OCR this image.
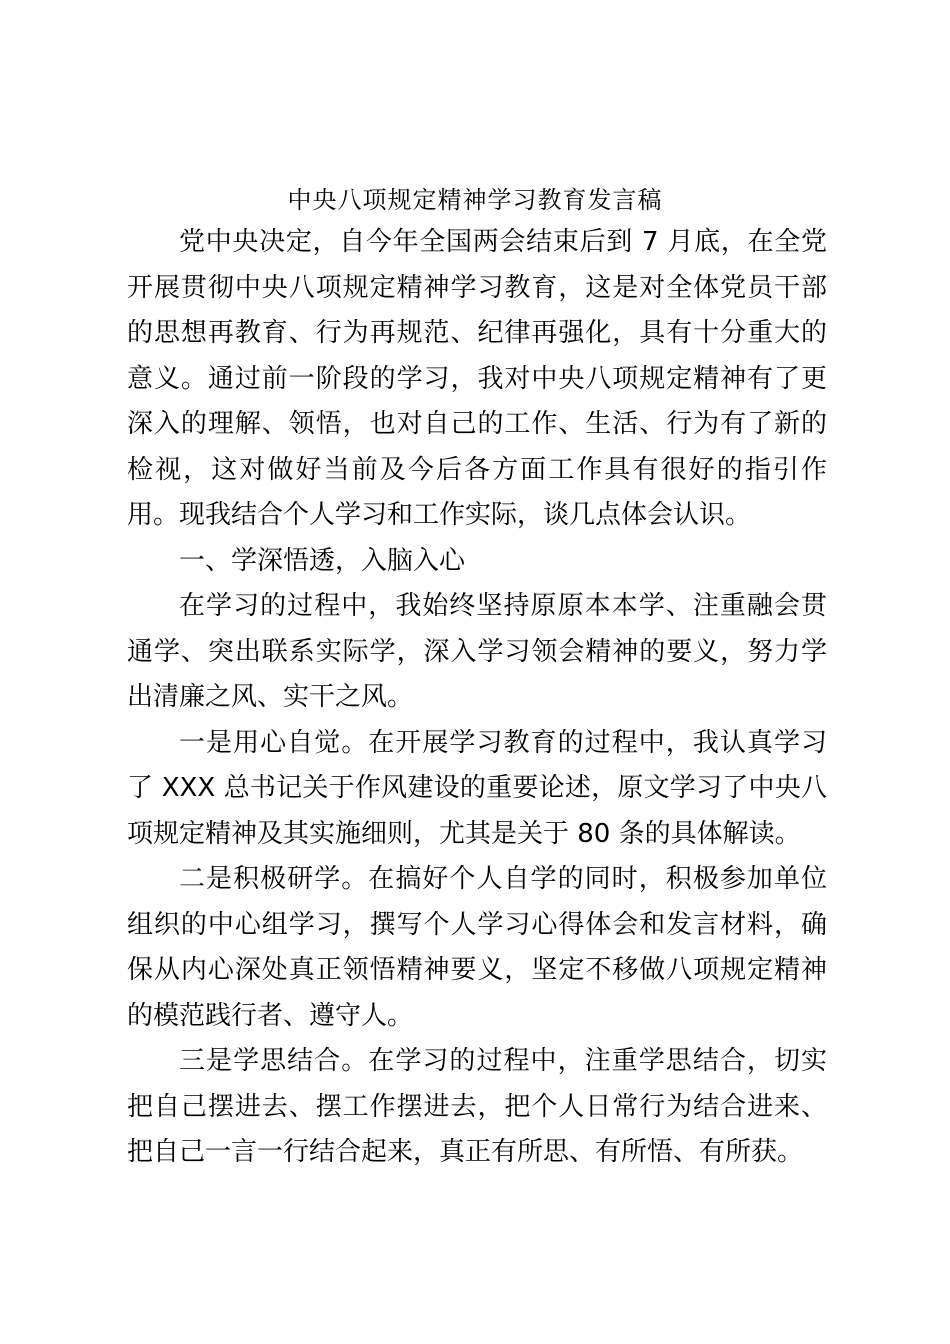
中央八项规定精神学习教育发言稿

党中央决定，自今年全国两会结束后到 7 月底，在全党开展贯彻中央八项规定精神学习教育，这是对全体党员干部的思想再教育、行为再规范、纪律再强化，具有十分重大的意义。通过前一阶段的学习，我对中央八项规定精神有了更深入的理解、领悟，也对自己的工作、生活、行为有了新的检视，这对做好当前及今后各方面工作具有很好的指引作用。现我结合个人学习和工作实际，谈几点体会认识。

一、学深悟透，入脑入心

在学习的过程中，我始终坚持原原本本学、注重融会贯通学、突出联系实际学，深入学习领会精神的要义，努力学出清廉之风、实干之风。

一是用心自觉。在开展学习教育的过程中，我认真学习了 XXX 总书记关于作风建设的重要论述，原文学习了中央八项规定精神及其实施细则，尤其是关于 80 条的具体解读。

二是积极研学。在搞好个人自学的同时，积极参加单位组织的中心组学习，撰写个人学习心得体会和发言材料，确保从内心深处真正领悟精神要义，坚定不移做八项规定精神的模范践行者、遵守人。

三是学思结合。在学习的过程中，注重学思结合，切实把自己摆进去、摆工作摆进去，把个人日常行为结合进来、把自己一言一行结合起来，真正有所思、有所悟、有所获。
